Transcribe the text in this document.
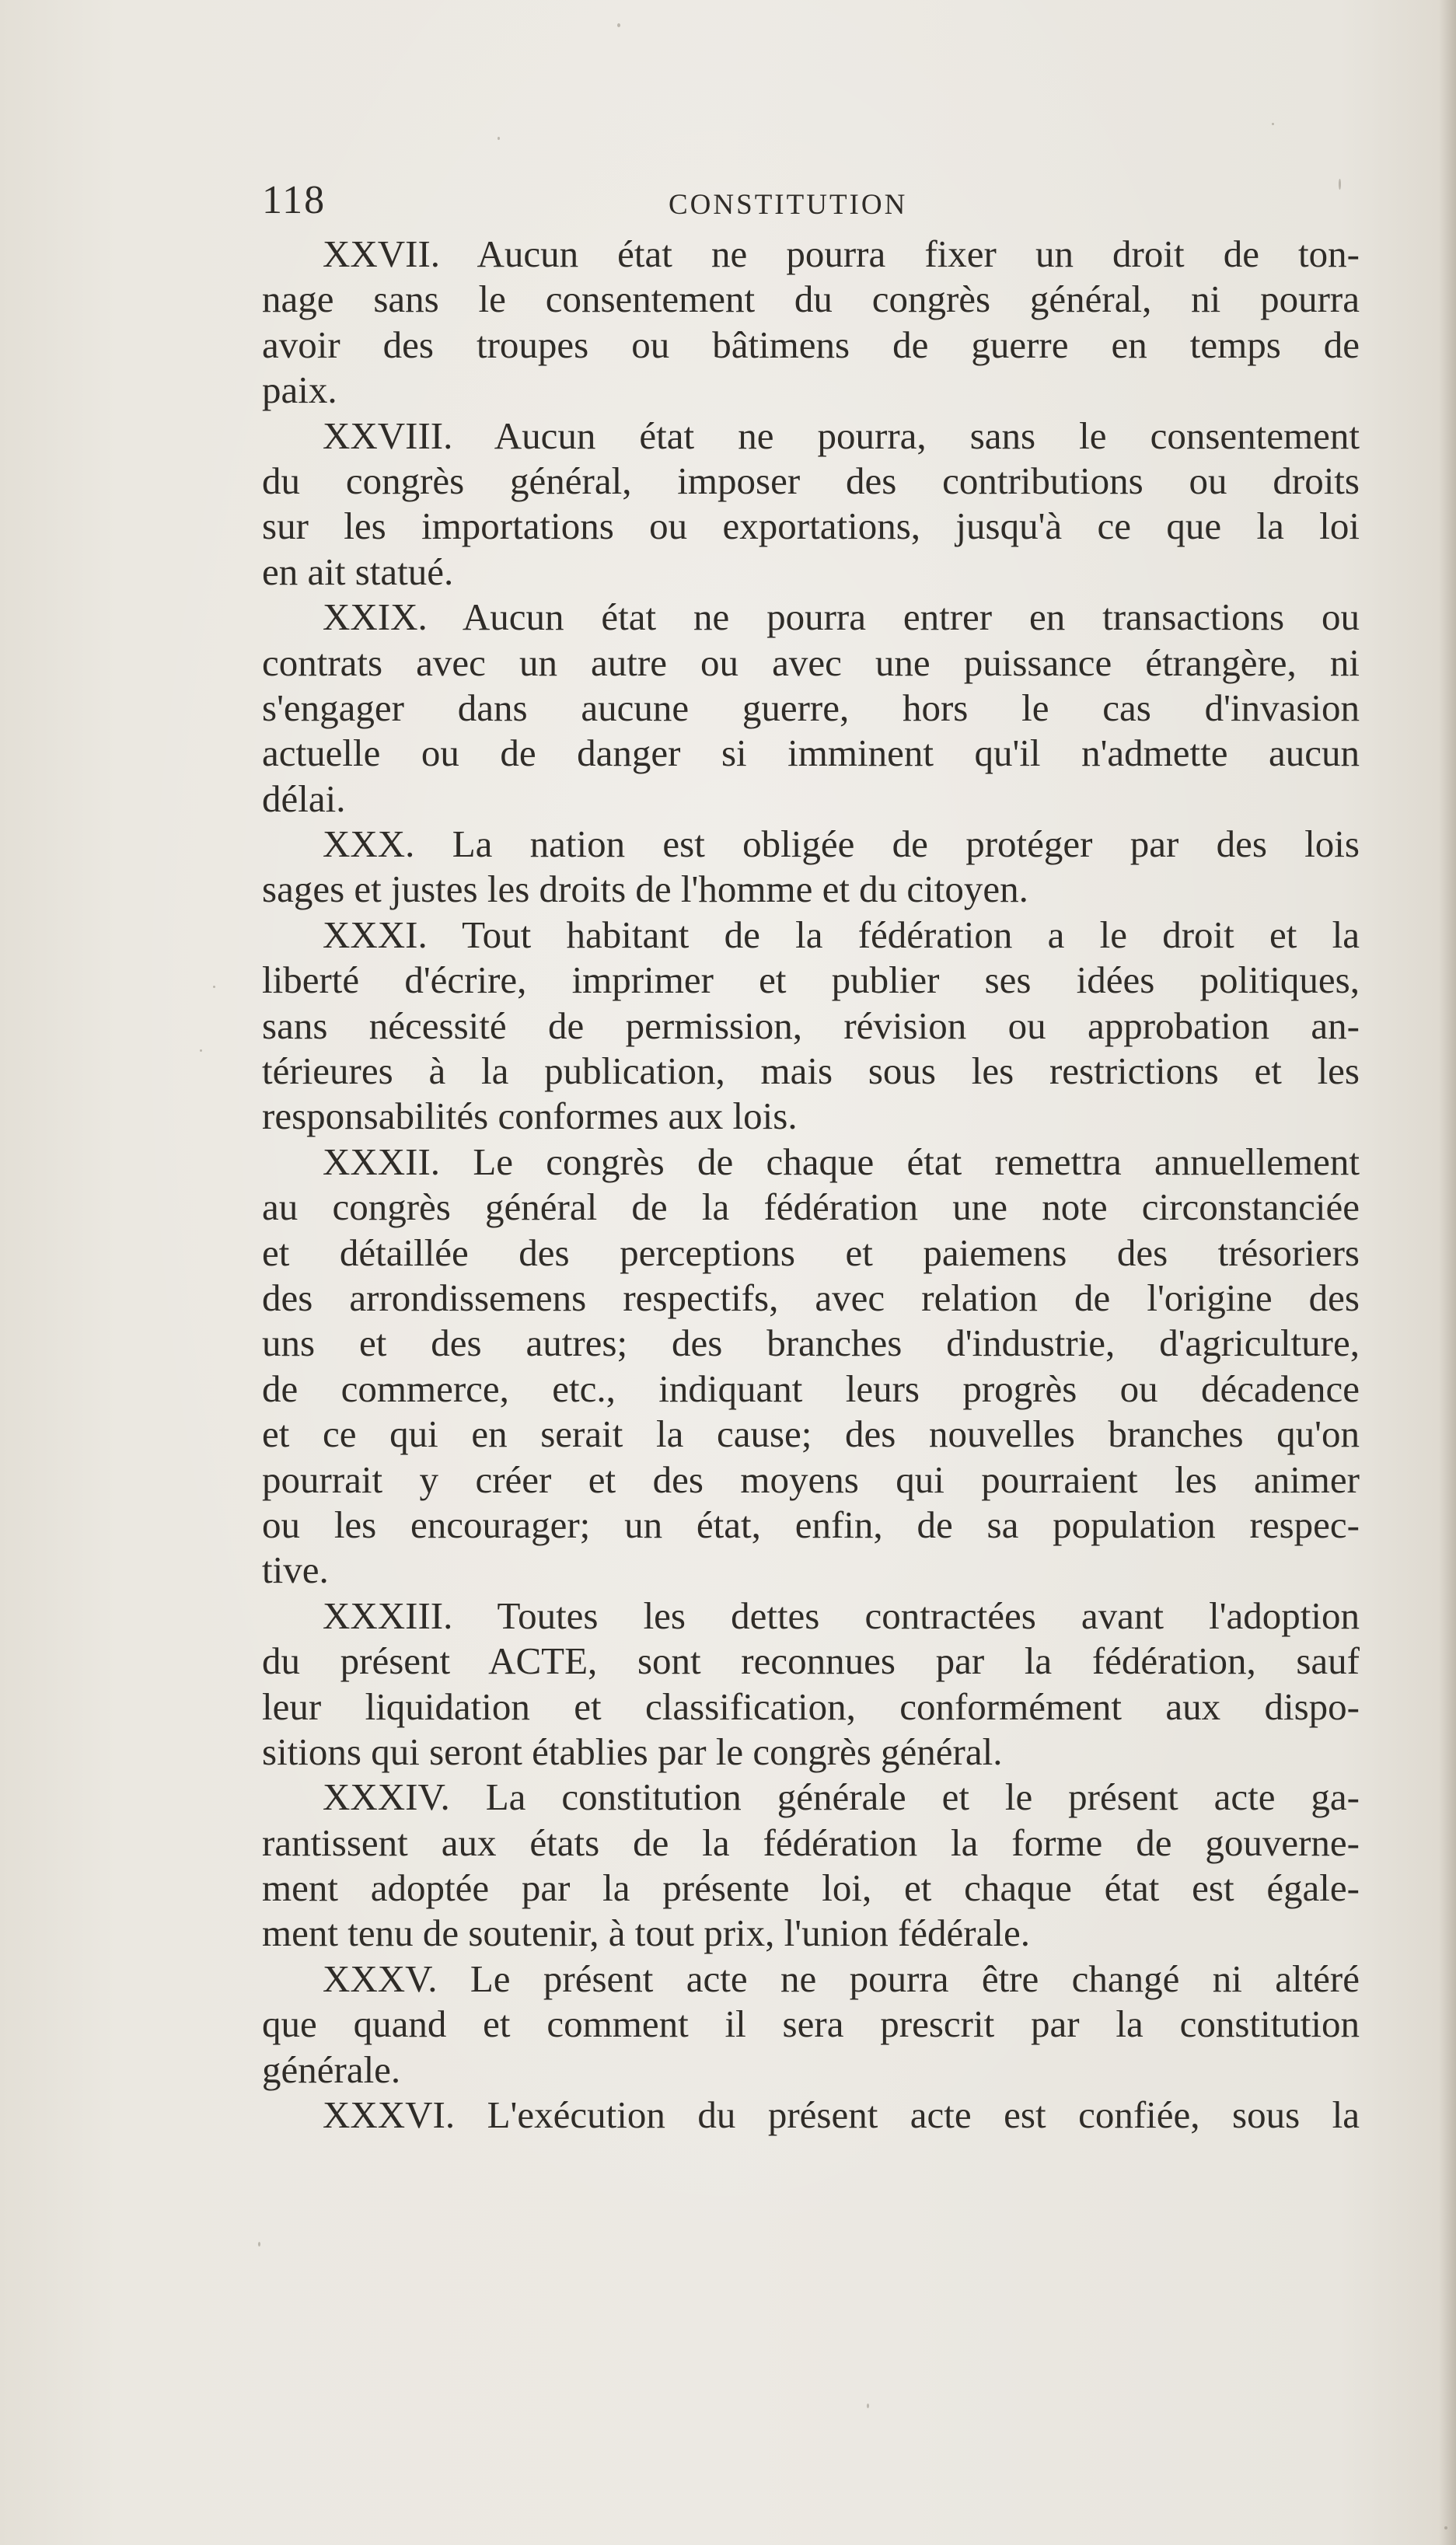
118	CONSTITUTION
XXVII. Aucun état ne pourra fixer un droit de ton-
nage sans le consentement du congrès général, ni pourra
avoir des troupes ou bâtimens de guerre en temps de
paix.
XXVIII. Aucun état ne pourra, sans le consentement
du congrès général, imposer des contributions ou droits
sur les importations ou exportations, jusqu'à ce que la loi
en ait statué.
XXIX. Aucun état ne pourra entrer en transactions ou
contrats avec un autre ou avec une puissance étrangère, ni
s'engager dans aucune guerre, hors le cas d'invasion
actuelle ou de danger si imminent qu'il n'admette aucun
délai.
XXX. La nation est obligée de protéger par des lois
sages et justes les droits de l'homme et du citoyen.
XXXI. Tout habitant de la fédération a le droit et la
liberté d'écrire, imprimer et publier ses idées politiques,
sans nécessité de permission, révision ou approbation an-
térieures à la publication, mais sous les restrictions et les
responsabilités conformes aux lois.
XXXII. Le congrès de chaque état remettra annuellement
au congrès général de la fédération une note circonstanciée
et détaillée des perceptions et paiemens des trésoriers
des arrondissemens respectifs, avec relation de l'origine des
uns et des autres; des branches d'industrie, d'agriculture,
de commerce, etc., indiquant leurs progrès ou décadence
et ce qui en serait la cause; des nouvelles branches qu'on
pourrait y créer et des moyens qui pourraient les animer
ou les encourager; un état, enfin, de sa population respec-
tive.
XXXIII. Toutes les dettes contractées avant l'adoption
du présent ACTE, sont reconnues par la fédération, sauf
leur liquidation et classification, conformément aux dispo-
sitions qui seront établies par le congrès général.
XXXIV. La constitution générale et le présent acte ga-
rantissent aux états de la fédération la forme de gouverne-
ment adoptée par la présente loi, et chaque état est égale-
ment tenu de soutenir, à tout prix, l'union fédérale.
XXXV. Le présent acte ne pourra être changé ni altéré
que quand et comment il sera prescrit par la constitution
générale.
XXXVI. L'exécution du présent acte est confiée, sous la
